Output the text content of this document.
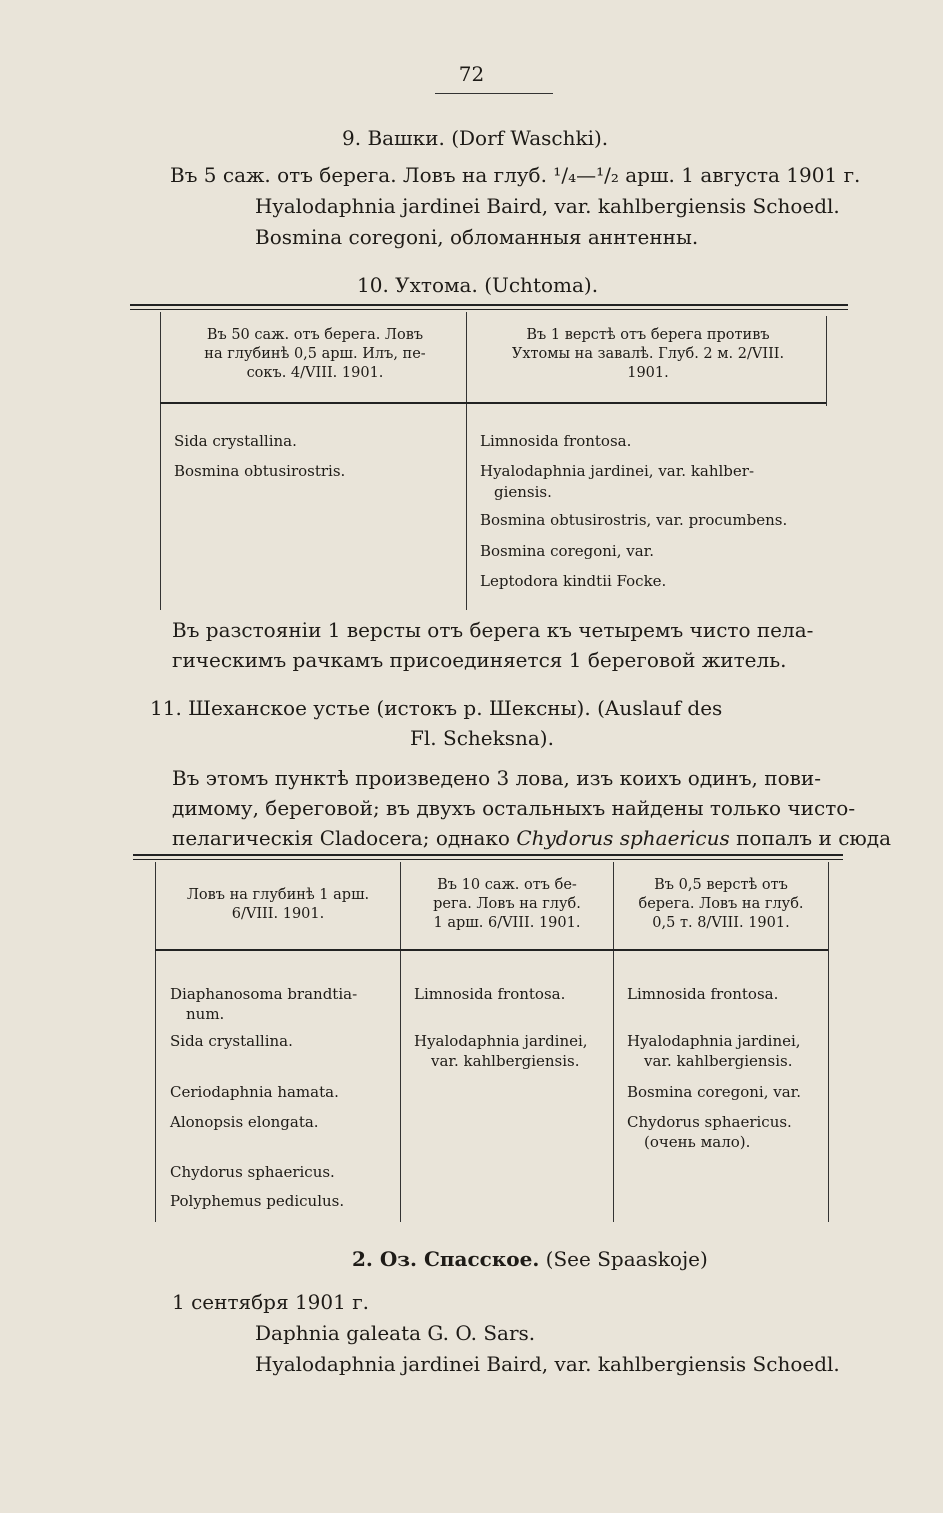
72
9. Вашки. (Dorf Waschki).
Въ 5 саж. отъ берега. Ловъ на глуб. ¹/₄—¹/₂ арш. 1 августа 1901 г.
Hyalodaphnia jardinei Baird, var. kahlbergiensis Schoedl.
Bosmina coregoni, обломанныя аннтенны.
10. Ухтома. (Uchtoma).
Въ 50 саж. отъ берега. Ловъ
на глубинѣ 0,5 арш. Илъ, пе-
сокъ. 4/VIII. 1901.
Въ 1 верстѣ отъ берега противъ
Ухтомы на завалѣ. Глуб. 2 м. 2/VIII.
1901.
Sida crystallina.
Bosmina obtusirostris.
Limnosida frontosa.
Hyalodaphnia jardinei, var. kahlber-
giensis.
Bosmina obtusirostris, var. procumbens.
Bosmina coregoni, var.
Leptodora kindtii Focke.
Въ разстояніи 1 версты отъ берега къ четыремъ чисто пела-
гическимъ рачкамъ присоединяется 1 береговой житель.
11. Шеханское устье (истокъ р. Шексны). (Auslauf des
Fl. Scheksna).
Въ этомъ пунктѣ произведено 3 лова, изъ коихъ одинъ, пови-
димому, береговой; въ двухъ остальныхъ найдены только чисто-
пелагическія Cladocera; однако Chydorus sphaericus попалъ и сюда
Ловъ на глубинѣ 1 арш.
6/VIII. 1901.
Въ 10 саж. отъ бе-
рега. Ловъ на глуб.
1 арш. 6/VIII. 1901.
Въ 0,5 верстѣ отъ
берега. Ловъ на глуб.
0,5 т. 8/VIII. 1901.
Diaphanosoma brandtia-
num.
Sida crystallina.
Ceriodaphnia hamata.
Alonopsis elongata.
Chydorus sphaericus.
Polyphemus pediculus.
Limnosida frontosa.
Hyalodaphnia jardinei,
var. kahlbergiensis.
Limnosida frontosa.
Hyalodaphnia jardinei,
var. kahlbergiensis.
Bosmina coregoni, var.
Chydorus sphaericus.
(очень мало).
2. Оз. Спасское. (See Spaaskoje)
1 сентября 1901 г.
Daphnia galeata G. O. Sars.
Hyalodaphnia jardinei Baird, var. kahlbergiensis Schoedl.
